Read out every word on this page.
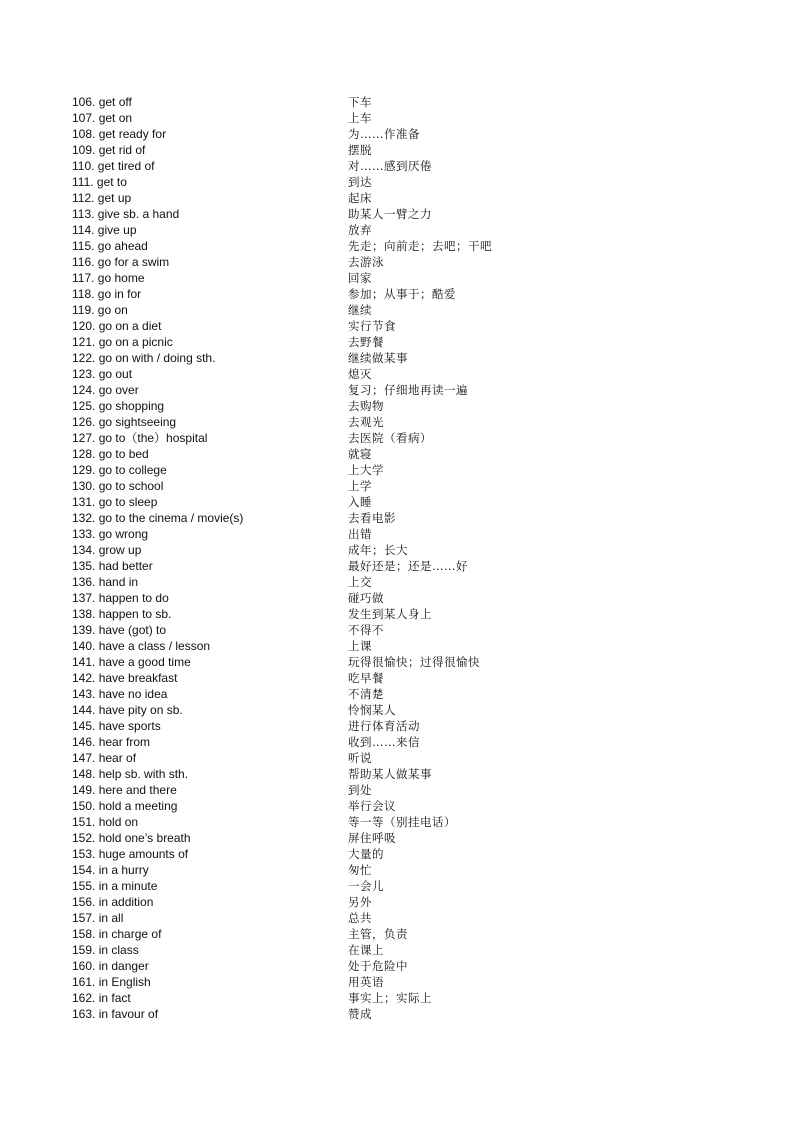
106. get off	下车
107. get on	上车
108. get ready for	为……作准备
109. get rid of	摆脱
110. get tired of	对……感到厌倦
111. get to	到达
112. get up	起床
113. give sb. a hand	助某人一臂之力
114. give up	放弃
115. go ahead	先走；向前走；去吧；干吧
116. go for a swim	去游泳
117. go home	回家
118. go in for	参加；从事于；酷爱
119. go on	继续
120. go on a diet	实行节食
121. go on a picnic	去野餐
122. go on with / doing sth.	继续做某事
123. go out	熄灭
124. go over	复习；仔细地再读一遍
125. go shopping	去购物
126. go sightseeing	去观光
127. go to（the）hospital	去医院（看病）
128. go to bed	就寝
129. go to college	上大学
130. go to school	上学
131. go to sleep	入睡
132. go to the cinema / movie(s)	去看电影
133. go wrong	出错
134. grow up	成年；长大
135. had better	最好还是；还是……好
136. hand in	上交
137. happen to do	碰巧做
138. happen to sb.	发生到某人身上
139. have (got) to	不得不
140. have a class / lesson	上课
141. have a good time	玩得很愉快；过得很愉快
142. have breakfast	吃早餐
143. have no idea	不清楚
144. have pity on sb.	怜悯某人
145. have sports	进行体育活动
146. hear from	收到……来信
147. hear of	听说
148. help sb. with sth.	帮助某人做某事
149. here and there	到处
150. hold a meeting	举行会议
151. hold on	等一等（别挂电话）
152. hold one’s breath	屏住呼吸
153. huge amounts of	大量的
154. in a hurry	匆忙
155. in a minute	一会儿
156. in addition	另外
157. in all	总共
158. in charge of	主管，负责
159. in class	在课上
160. in danger	处于危险中
161. in English	用英语
162. in fact	事实上；实际上
163. in favour of	赞成
